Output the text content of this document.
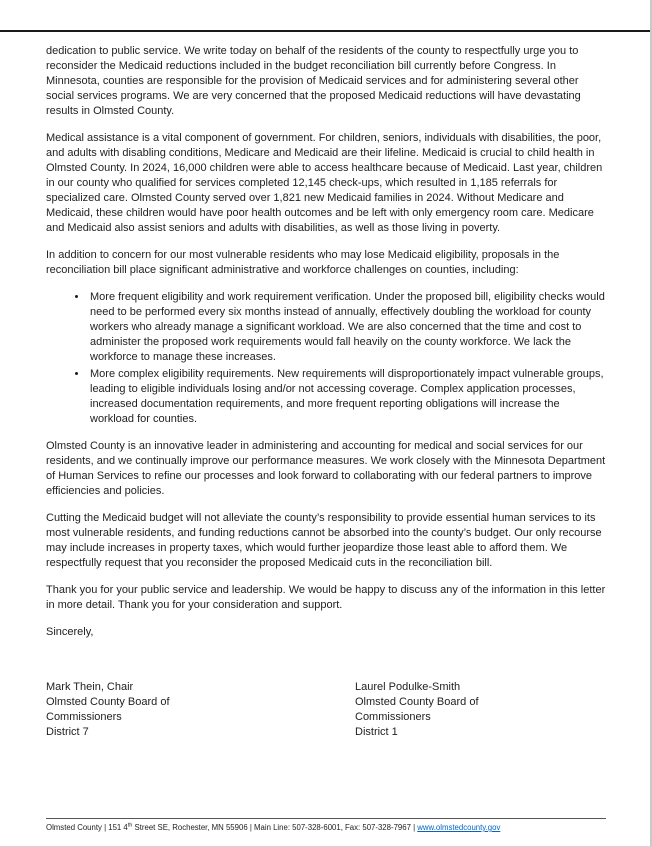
dedication to public service. We write today on behalf of the residents of the county to respectfully urge you to reconsider the Medicaid reductions included in the budget reconciliation bill currently before Congress. In Minnesota, counties are responsible for the provision of Medicaid services and for administering several other social services programs. We are very concerned that the proposed Medicaid reductions will have devastating results in Olmsted County.

Medical assistance is a vital component of government. For children, seniors, individuals with disabilities, the poor, and adults with disabling conditions, Medicare and Medicaid are their lifeline. Medicaid is crucial to child health in Olmsted County. In 2024, 16,000 children were able to access healthcare because of Medicaid. Last year, children in our county who qualified for services completed 12,145 check-ups, which resulted in 1,185 referrals for specialized care. Olmsted County served over 1,821 new Medicaid families in 2024. Without Medicare and Medicaid, these children would have poor health outcomes and be left with only emergency room care. Medicare and Medicaid also assist seniors and adults with disabilities, as well as those living in poverty.

In addition to concern for our most vulnerable residents who may lose Medicaid eligibility, proposals in the reconciliation bill place significant administrative and workforce challenges on counties, including:

• More frequent eligibility and work requirement verification. Under the proposed bill, eligibility checks would need to be performed every six months instead of annually, effectively doubling the workload for county workers who already manage a significant workload. We are also concerned that the time and cost to administer the proposed work requirements would fall heavily on the county workforce. We lack the workforce to manage these increases.
• More complex eligibility requirements. New requirements will disproportionately impact vulnerable groups, leading to eligible individuals losing and/or not accessing coverage. Complex application processes, increased documentation requirements, and more frequent reporting obligations will increase the workload for counties.

Olmsted County is an innovative leader in administering and accounting for medical and social services for our residents, and we continually improve our performance measures. We work closely with the Minnesota Department of Human Services to refine our processes and look forward to collaborating with our federal partners to improve efficiencies and policies.

Cutting the Medicaid budget will not alleviate the county’s responsibility to provide essential human services to its most vulnerable residents, and funding reductions cannot be absorbed into the county’s budget. Our only recourse may include increases in property taxes, which would further jeopardize those least able to afford them. We respectfully request that you reconsider the proposed Medicaid cuts in the reconciliation bill.

Thank you for your public service and leadership. We would be happy to discuss any of the information in this letter in more detail. Thank you for your consideration and support.

Sincerely,

Mark Thein, Chair
Olmsted County Board of
Commissioners
District 7
Laurel Podulke-Smith
Olmsted County Board of
Commissioners
District 1
Olmsted County | 151 4th Street SE, Rochester, MN 55906 | Main Line: 507-328-6001, Fax: 507-328-7967 | www.olmstedcounty.gov
